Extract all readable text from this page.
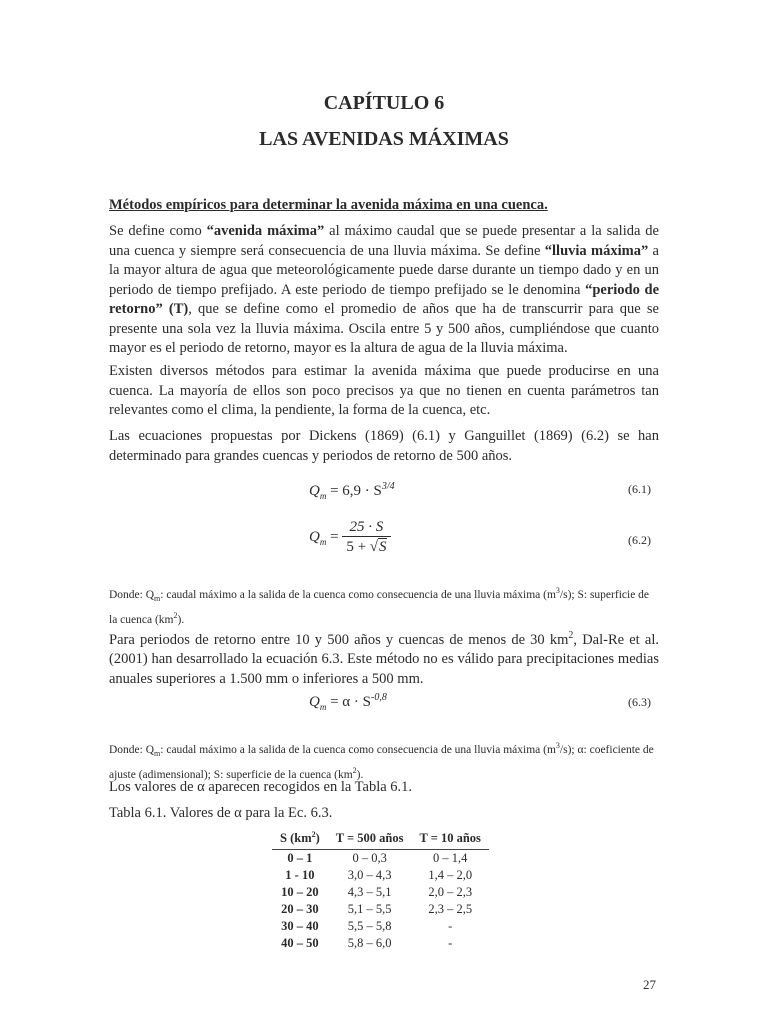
CAPÍTULO 6
LAS AVENIDAS MÁXIMAS
Métodos empíricos para determinar la avenida máxima en una cuenca.
Se define como “avenida máxima” al máximo caudal que se puede presentar a la salida de una cuenca y siempre será consecuencia de una lluvia máxima. Se define “lluvia máxima” a la mayor altura de agua que meteorológicamente puede darse durante un tiempo dado y en un periodo de tiempo prefijado. A este periodo de tiempo prefijado se le denomina “periodo de retorno” (T), que se define como el promedio de años que ha de transcurrir para que se presente una sola vez la lluvia máxima. Oscila entre 5 y 500 años, cumpliéndose que cuanto mayor es el periodo de retorno, mayor es la altura de agua de la lluvia máxima.
Existen diversos métodos para estimar la avenida máxima que puede producirse en una cuenca. La mayoría de ellos son poco precisos ya que no tienen en cuenta parámetros tan relevantes como el clima, la pendiente, la forma de la cuenca, etc.
Las ecuaciones propuestas por Dickens (1869) (6.1) y Ganguillet (1869) (6.2) se han determinado para grandes cuencas y periodos de retorno de 500 años.
$Q_m = 6,9 \cdot S^{3/4}$	(6.1)
$Q_m = \frac{25 \cdot S}{5 + √S}$	(6.2)
Donde: $Q_m$: caudal máximo a la salida de la cuenca como consecuencia de una lluvia máxima $(m^3/s)$; S: superficie de la cuenca $(km^2)$.
Para periodos de retorno entre 10 y 500 años y cuencas de menos de 30 $km^2$, Dal-Re et al. (2001) han desarrollado la ecuación 6.3. Este método no es válido para precipitaciones medias anuales superiores a 1.500 mm o inferiores a 500 mm.
$Q_m = \alpha \cdot S^{-0,8}$	(6.3)
Donde: $Q_m$: caudal máximo a la salida de la cuenca como consecuencia de una lluvia máxima $(m^3/s)$; α: coeficiente de ajuste (adimensional); S: superficie de la cuenca $(km^2)$.
Los valores de α aparecen recogidos en la Tabla 6.1.
Tabla 6.1. Valores de α para la Ec. 6.3.
S $(km^2)$	T = 500 años	T = 10 años
0 – 1	0 – 0,3	0 – 1,4
1 - 10	3,0 – 4,3	1,4 – 2,0
10 – 20	4,3 – 5,1	2,0 – 2,3
20 – 30	5,1 – 5,5	2,3 – 2,5
30 – 40	5,5 – 5,8	-
40 – 50	5,8 – 6,0	-
27
